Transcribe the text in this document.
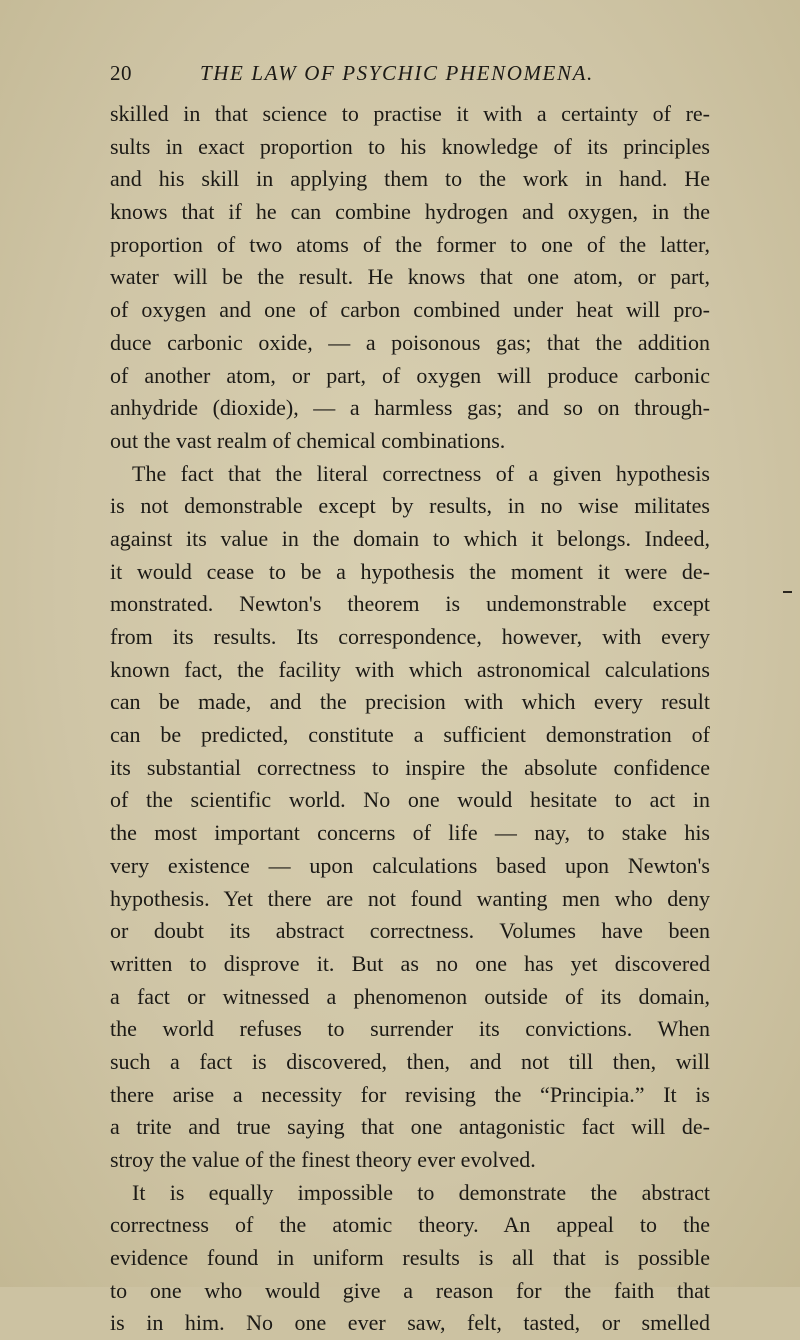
20	THE LAW OF PSYCHIC PHENOMENA.
skilled in that science to practise it with a certainty of re-
sults in exact proportion to his knowledge of its principles
and his skill in applying them to the work in hand. He
knows that if he can combine hydrogen and oxygen, in the
proportion of two atoms of the former to one of the latter,
water will be the result. He knows that one atom, or part,
of oxygen and one of carbon combined under heat will pro-
duce carbonic oxide, — a poisonous gas; that the addition
of another atom, or part, of oxygen will produce carbonic
anhydride (dioxide), — a harmless gas; and so on through-
out the vast realm of chemical combinations.
The fact that the literal correctness of a given hypothesis
is not demonstrable except by results, in no wise militates
against its value in the domain to which it belongs. Indeed,
it would cease to be a hypothesis the moment it were de-
monstrated. Newton's theorem is undemonstrable except
from its results. Its correspondence, however, with every
known fact, the facility with which astronomical calculations
can be made, and the precision with which every result
can be predicted, constitute a sufficient demonstration of
its substantial correctness to inspire the absolute confidence
of the scientific world. No one would hesitate to act in
the most important concerns of life — nay, to stake his
very existence — upon calculations based upon Newton's
hypothesis. Yet there are not found wanting men who deny
or doubt its abstract correctness. Volumes have been
written to disprove it. But as no one has yet discovered
a fact or witnessed a phenomenon outside of its domain,
the world refuses to surrender its convictions. When
such a fact is discovered, then, and not till then, will
there arise a necessity for revising the “Principia.” It is
a trite and true saying that one antagonistic fact will de-
stroy the value of the finest theory ever evolved.
It is equally impossible to demonstrate the abstract
correctness of the atomic theory. An appeal to the
evidence found in uniform results is all that is possible
to one who would give a reason for the faith that
is in him. No one ever saw, felt, tasted, or smelled
